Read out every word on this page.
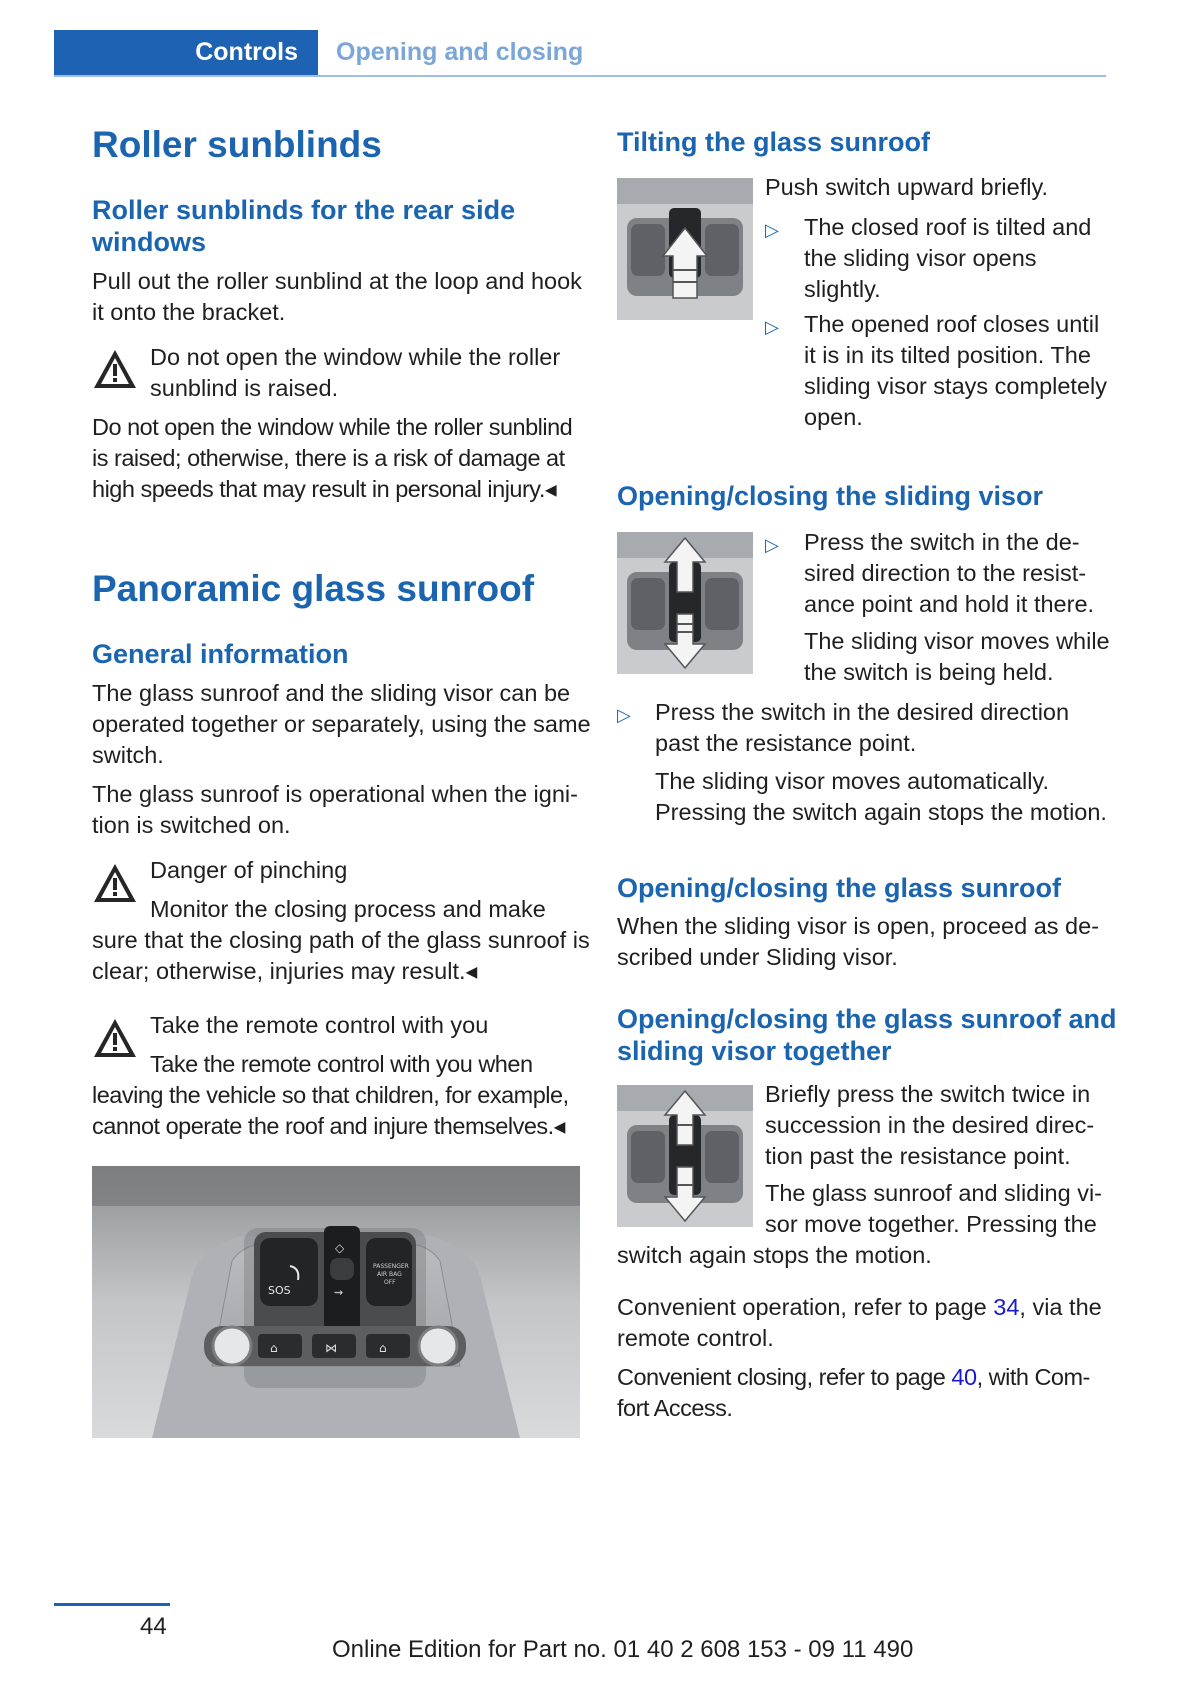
Controls	Opening and closing
Roller sunblinds
Roller sunblinds for the rear side
windows
Pull out the roller sunblind at the loop and hook
it onto the bracket.
Do not open the window while the roller
sunblind is raised.
Do not open the window while the roller sunblind
is raised; otherwise, there is a risk of damage at
high speeds that may result in personal injury.◂
Panoramic glass sunroof
General information
The glass sunroof and the sliding visor can be
operated together or separately, using the same
switch.
The glass sunroof is operational when the igni-
tion is switched on.
Danger of pinching
Monitor the closing process and make
sure that the closing path of the glass sunroof is
clear; otherwise, injuries may result.◂
Take the remote control with you
Take the remote control with you when
leaving the vehicle so that children, for example,
cannot operate the roof and injure themselves.◂
SOS
◇
⇝
PASSENGER
AIR BAG
OFF
⌂	⋈	⌂
Tilting the glass sunroof
Push switch upward briefly.
▷ The closed roof is tilted and
the sliding visor opens
slightly.
▷ The opened roof closes until
it is in its tilted position. The
sliding visor stays completely
open.
Opening/closing the sliding visor
▷ Press the switch in the de-
sired direction to the resist-
ance point and hold it there.
The sliding visor moves while
the switch is being held.
▷ Press the switch in the desired direction
past the resistance point.
The sliding visor moves automatically.
Pressing the switch again stops the motion.
Opening/closing the glass sunroof
When the sliding visor is open, proceed as de-
scribed under Sliding visor.
Opening/closing the glass sunroof and
sliding visor together
Briefly press the switch twice in
succession in the desired direc-
tion past the resistance point.
The glass sunroof and sliding vi-
sor move together. Pressing the
switch again stops the motion.
Convenient operation, refer to page 34, via the
remote control.
Convenient closing, refer to page 40, with Com-
fort Access.
44
Online Edition for Part no. 01 40 2 608 153 - 09 11 490
